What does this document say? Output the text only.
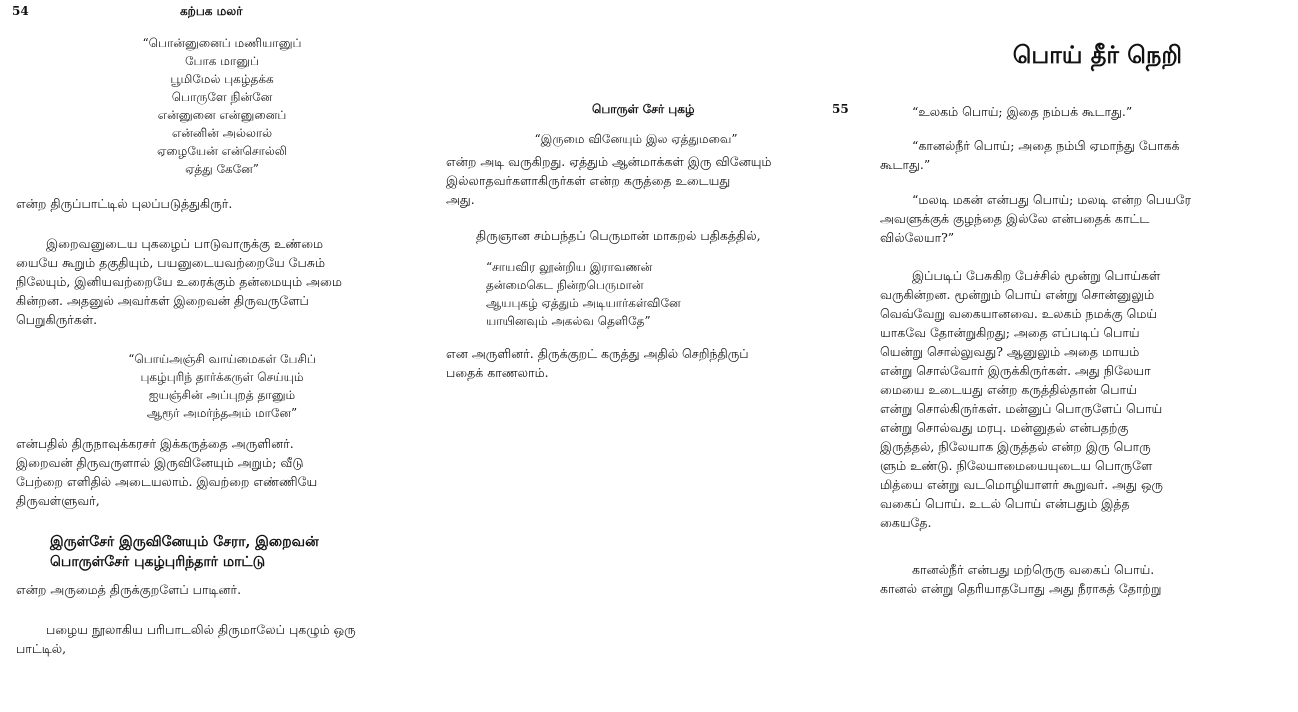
54	கற்பக மலர்
“பொன்னுனைப் மணியானுப்
போக மானுப்
பூமிமேல் புகழ்தக்க
பொருளே நின்னே
என்னுனை என்னுனைப்
என்னின் அல்லால்
ஏழையேன் என்சொல்லி
ஏத்து கேனே”
என்ற திருப்பாட்டில் புலப்படுத்துகிருர்.
இறைவனுடைய புகழைப் பாடுவாருக்கு உண்மை
யையே கூறும் தகுதியும், பயனுடையவற்றையே பேசும்
நிலேயும், இனியவற்றையே உரைக்கும் தன்மையும் அமை
கின்றன. அதனுல் அவர்கள் இறைவன் திருவருளேப்
பெறுகிருர்கள்.
“பொய்அஞ்சி வாய்மைகள் பேசிப்
புகழ்புரிந் தார்க்கருள் செய்யும்
ஐயஞ்சின் அப்புறத் தானும்
ஆரூர் அமர்ந்தஅம் மானே”
என்பதில் திருநாவுக்கரசர் இக்கருத்தை அருளினர்.
இறைவன் திருவருளால் இருவினேயும் அறும்; வீடு
பேற்றை எளிதில் அடையலாம். இவற்றை எண்ணியே
திருவள்ளுவர்,
இருள்சேர் இருவினேயும் சேரா, இறைவன்
பொருள்சேர் புகழ்புரிந்தார் மாட்டு
என்ற அருமைத் திருக்குறளேப் பாடினர்.
பழைய நூலாகிய பரிபாடலில் திருமாலேப் புகழும் ஒரு
பாட்டில்,
பொருள் சேர் புகழ்	55
“இருமை வினேயும் இல ஏத்துமவை”
என்ற அடி வருகிறது. ஏத்தும் ஆன்மாக்கள் இரு வினேயும்
இல்லாதவர்களாகிருர்கள் என்ற கருத்தை உடையது
அது.
திருஞான சம்பந்தப் பெருமான் மாகறல் பதிகத்தில்,
“சாயவிர லூன்றிய இராவணன்
தன்மைகெட நின்றபெருமான்
ஆயபுகழ் ஏத்தும் அடியார்கள்வினே
யாயினவும் அகல்வ தெளிதே”
என அருளினர். திருக்குறட் கருத்து அதில் செறிந்திருப்
பதைக் காணலாம்.
பொய் தீர் நெறி
“உலகம் பொய்; இதை நம்பக் கூடாது.”
“கானல்நீர் பொய்; அதை நம்பி ஏமாந்து போகக்
கூடாது.”
“மலடி மகன் என்பது பொய்; மலடி என்ற பெயரே
அவளுக்குக் குழந்தை இல்லே என்பதைக் காட்ட
வில்லேயா?”
இப்படிப் பேசுகிற பேச்சில் மூன்று பொய்கள்
வருகின்றன. மூன்றும் பொய் என்று சொன்னுலும்
வெவ்வேறு வகையானவை. உலகம் நமக்கு மெய்
யாகவே தோன்றுகிறது; அதை எப்படிப் பொய்
யென்று சொல்லுவது? ஆனுலும் அதை மாயம்
என்று சொல்வோர் இருக்கிருர்கள். அது நிலேயா
மையை உடையது என்ற கருத்தில்தான் பொய்
என்று சொல்கிருர்கள். மன்னுப் பொருளேப் பொய்
என்று சொல்வது மரபு. மன்னுதல் என்பதற்கு
இருத்தல், நிலேயாக இருத்தல் என்ற இரு பொரு
ளும் உண்டு. நிலேயாமையையுடைய பொருளே
மித்யை என்று வடமொழியாளர் கூறுவர். அது ஒரு
வகைப் பொய். உடல் பொய் என்பதும் இத்த
கையதே.
கானல்நீர் என்பது மற்ருெரு வகைப் பொய்.
கானல் என்று தெரியாதபோது அது நீராகத் தோற்று
